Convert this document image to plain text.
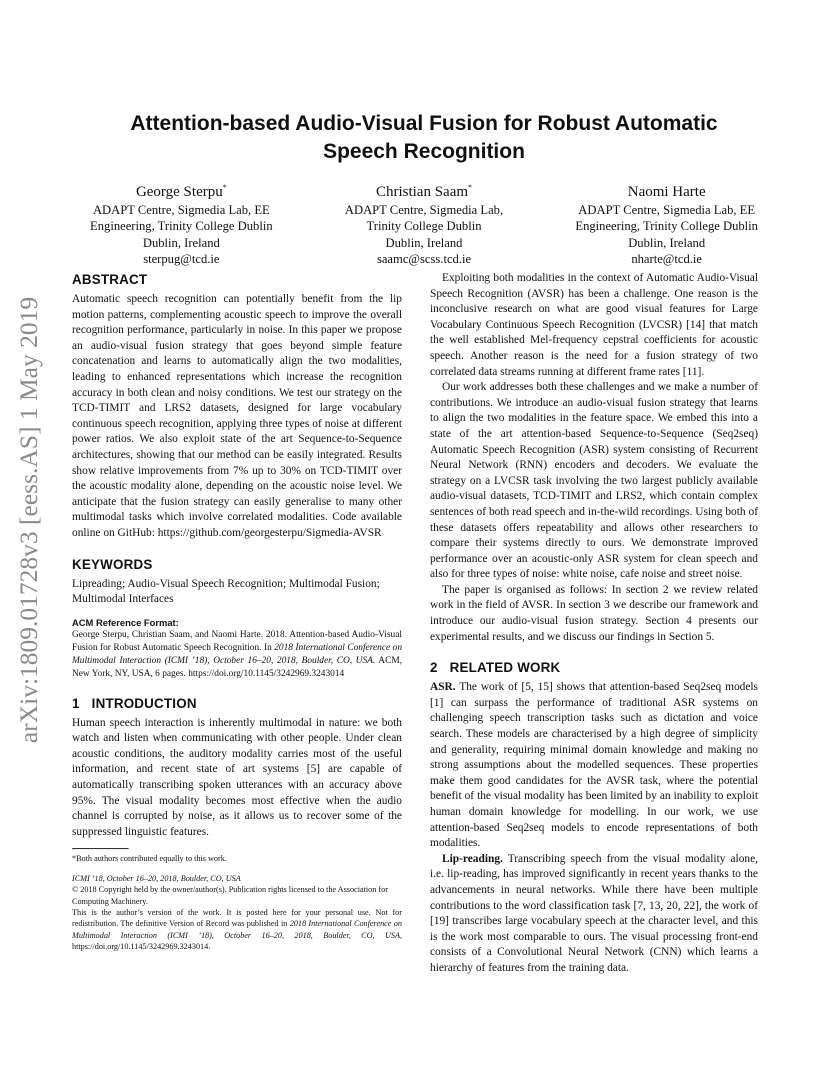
arXiv:1809.01728v3 [eess.AS] 1 May 2019
Attention-based Audio-Visual Fusion for Robust Automatic
Speech Recognition
George Sterpu*
ADAPT Centre, Sigmedia Lab, EE
Engineering, Trinity College Dublin
Dublin, Ireland
sterpug@tcd.ie
Christian Saam*
ADAPT Centre, Sigmedia Lab,
Trinity College Dublin
Dublin, Ireland
saamc@scss.tcd.ie
Naomi Harte
ADAPT Centre, Sigmedia Lab, EE
Engineering, Trinity College Dublin
Dublin, Ireland
nharte@tcd.ie
ABSTRACT

Automatic speech recognition can potentially benefit from the lip motion patterns, complementing acoustic speech to improve the overall recognition performance, particularly in noise. In this paper we propose an audio-visual fusion strategy that goes beyond simple feature concatenation and learns to automatically align the two modalities, leading to enhanced representations which increase the recognition accuracy in both clean and noisy conditions. We test our strategy on the TCD-TIMIT and LRS2 datasets, designed for large vocabulary continuous speech recognition, applying three types of noise at different power ratios. We also exploit state of the art Sequence-to-Sequence architectures, showing that our method can be easily integrated. Results show relative improvements from 7% up to 30% on TCD-TIMIT over the acoustic modality alone, depending on the acoustic noise level. We anticipate that the fusion strategy can easily generalise to many other multimodal tasks which involve correlated modalities. Code available online on GitHub: https://github.com/georgesterpu/Sigmedia-AVSR

KEYWORDS

Lipreading; Audio-Visual Speech Recognition; Multimodal Fusion; Multimodal Interfaces

ACM Reference Format:
George Sterpu, Christian Saam, and Naomi Harte. 2018. Attention-based Audio-Visual Fusion for Robust Automatic Speech Recognition. In 2018 International Conference on Multimodal Interaction (ICMI ’18), October 16–20, 2018, Boulder, CO, USA. ACM, New York, NY, USA, 6 pages. https://doi.org/10.1145/3242969.3243014
1 INTRODUCTION

Human speech interaction is inherently multimodal in nature: we both watch and listen when communicating with other people. Under clean acoustic conditions, the auditory modality carries most of the useful information, and recent state of art systems [5] are capable of automatically transcribing spoken utterances with an accuracy above 95%. The visual modality becomes most effective when the audio channel is corrupted by noise, as it allows us to recover some of the suppressed linguistic features.

*Both authors contributed equally to this work.
ICMI ’18, October 16–20, 2018, Boulder, CO, USA
© 2018 Copyright held by the owner/author(s). Publication rights licensed to the Association for Computing Machinery.
This is the author’s version of the work. It is posted here for your personal use. Not for redistribution. The definitive Version of Record was published in 2018 International Conference on Multimodal Interaction (ICMI ’18), October 16–20, 2018, Boulder, CO, USA, https://doi.org/10.1145/3242969.3243014.

Exploiting both modalities in the context of Automatic Audio-Visual Speech Recognition (AVSR) has been a challenge. One reason is the inconclusive research on what are good visual features for Large Vocabulary Continuous Speech Recognition (LVCSR) [14] that match the well established Mel-frequency cepstral coefficients for acoustic speech. Another reason is the need for a fusion strategy of two correlated data streams running at different frame rates [11].

Our work addresses both these challenges and we make a number of contributions. We introduce an audio-visual fusion strategy that learns to align the two modalities in the feature space. We embed this into a state of the art attention-based Sequence-to-Sequence (Seq2seq) Automatic Speech Recognition (ASR) system consisting of Recurrent Neural Network (RNN) encoders and decoders. We evaluate the strategy on a LVCSR task involving the two largest publicly available audio-visual datasets, TCD-TIMIT and LRS2, which contain complex sentences of both read speech and in-the-wild recordings. Using both of these datasets offers repeatability and allows other researchers to compare their systems directly to ours. We demonstrate improved performance over an acoustic-only ASR system for clean speech and also for three types of noise: white noise, cafe noise and street noise.

The paper is organised as follows: In section 2 we review related work in the field of AVSR. In section 3 we describe our framework and introduce our audio-visual fusion strategy. Section 4 presents our experimental results, and we discuss our findings in Section 5.

2 RELATED WORK

ASR. The work of [5, 15] shows that attention-based Seq2seq models [1] can surpass the performance of traditional ASR systems on challenging speech transcription tasks such as dictation and voice search. These models are characterised by a high degree of simplicity and generality, requiring minimal domain knowledge and making no strong assumptions about the modelled sequences. These properties make them good candidates for the AVSR task, where the potential benefit of the visual modality has been limited by an inability to exploit human domain knowledge for modelling. In our work, we use attention-based Seq2seq models to encode representations of both modalities.

Lip-reading. Transcribing speech from the visual modality alone, i.e. lip-reading, has improved significantly in recent years thanks to the advancements in neural networks. While there have been multiple contributions to the word classification task [7, 13, 20, 22], the work of [19] transcribes large vocabulary speech at the character level, and this is the work most comparable to ours. The visual processing front-end consists of a Convolutional Neural Network (CNN) which learns a hierarchy of features from the training data.
